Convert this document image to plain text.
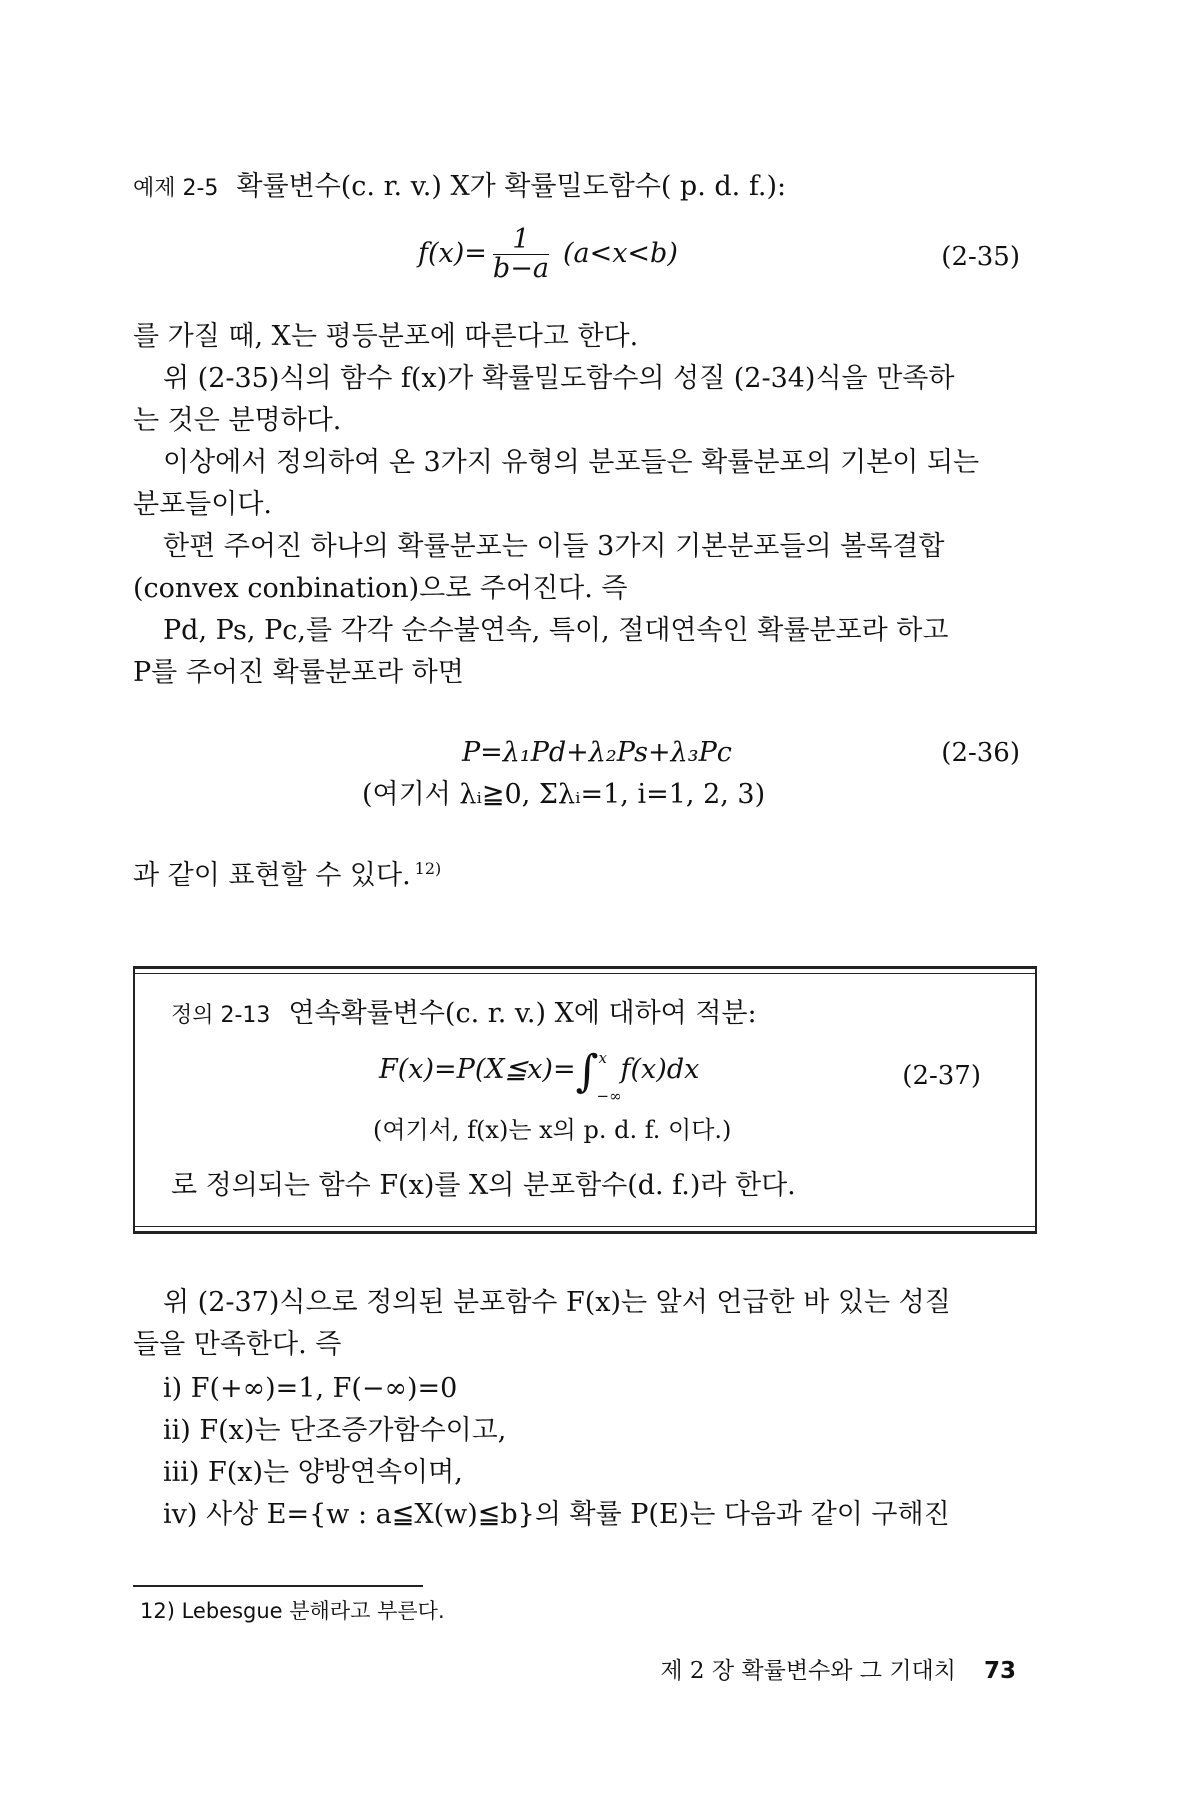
예제 2-5 확률변수(c. r. v.) X가 확률밀도함수( p. d. f.):
$f(x)= \frac{1}{b-a} (a<x<b)$	(2-35)
를 가질 때, X는 평등분포에 따른다고 한다.
위 (2-35)식의 함수 f(x)가 확률밀도함수의 성질 (2-34)식을 만족하
는 것은 분명하다.
이상에서 정의하여 온 3가지 유형의 분포들은 확률분포의 기본이 되는
분포들이다.
한편 주어진 하나의 확률분포는 이들 3가지 기본분포들의 볼록결합
(convex conbination)으로 주어진다. 즉
Pd, Ps, Pc,를 각각 순수불연속, 특이, 절대연속인 확률분포라 하고
P를 주어진 확률분포라 하면
P=λ₁Pd+λ₂Ps+λ₃Pc	(2-36)
(여기서 λᵢ≧0, Σλᵢ=1, i=1, 2, 3)
과 같이 표현할 수 있다. $^{12)}$
정의 2-13 연속확률변수(c. r. v.) X에 대하여 적분:
F(x)=P(X≦x)=∫ x
−∞
f(x)dx	(2-37)
(여기서, f(x)는 x의 p. d. f. 이다.)
로 정의되는 함수 F(x)를 X의 분포함수(d. f.)라 한다.
위 (2-37)식으로 정의된 분포함수 F(x)는 앞서 언급한 바 있는 성질
들을 만족한다. 즉
i) F(+∞)=1, F(−∞)=0
ii) F(x)는 단조증가함수이고,
iii) F(x)는 양방연속이며,
iv) 사상 E={w : a≦X(w)≦b}의 확률 P(E)는 다음과 같이 구해진
12) Lebesgue 분해라고 부른다.
제 2 장 확률변수와 그 기대치 73
